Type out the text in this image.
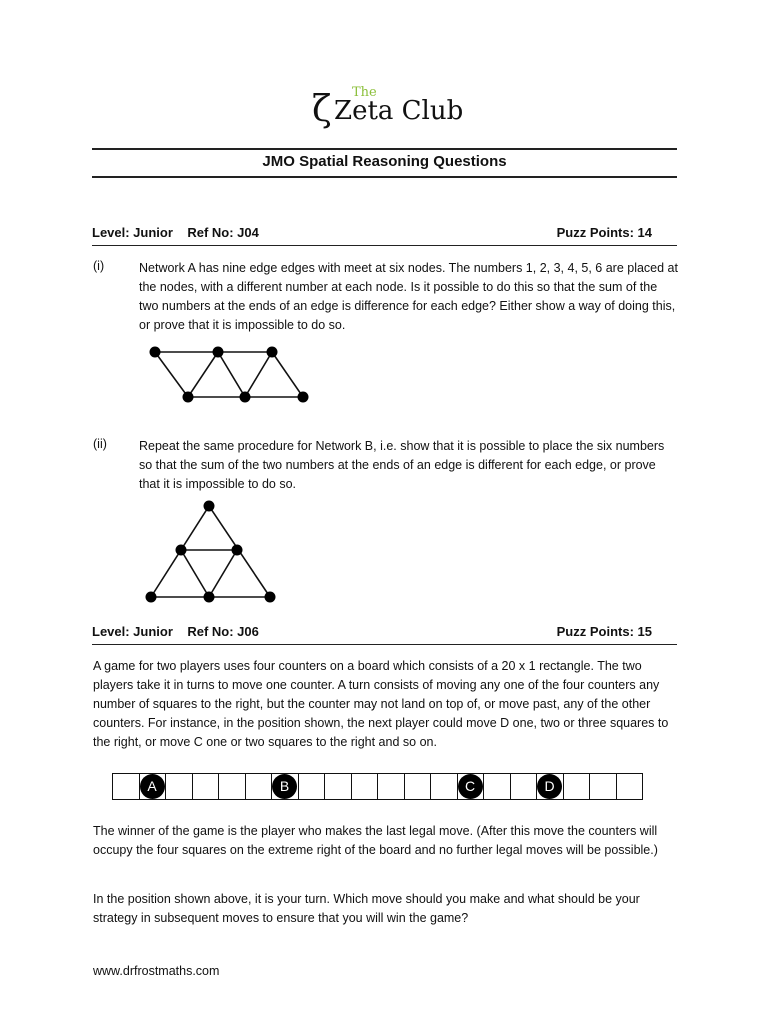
ζ The
Zeta Club
JMO Spatial Reasoning Questions
Level: Junior    Ref No: J04	Puzz Points: 14
(i)	Network A has nine edge edges with meet at six nodes. The numbers 1, 2, 3, 4, 5, 6 are placed at the nodes, with a different number at each node. Is it possible to do this so that the sum of the two numbers at the ends of an edge is difference for each edge? Either show a way of doing this, or prove that it is impossible to do so.
(ii)	Repeat the same procedure for Network B, i.e. show that it is possible to place the six numbers so that the sum of the two numbers at the ends of an edge is different for each edge, or prove that it is impossible to do so.
Level: Junior    Ref No: J06	Puzz Points: 15
A game for two players uses four counters on a board which consists of a 20 x 1 rectangle. The two players take it in turns to move one counter. A turn consists of moving any one of the four counters any number of squares to the right, but the counter may not land on top of, or move past, any of the other counters. For instance, in the position shown, the next player could move D one, two or three squares to the right, or move C one or two squares to the right and so on.
A	B	C	D
The winner of the game is the player who makes the last legal move. (After this move the counters will occupy the four squares on the extreme right of the board and no further legal moves will be possible.)
In the position shown above, it is your turn. Which move should you make and what should be your strategy in subsequent moves to ensure that you will win the game?
www.drfrostmaths.com
